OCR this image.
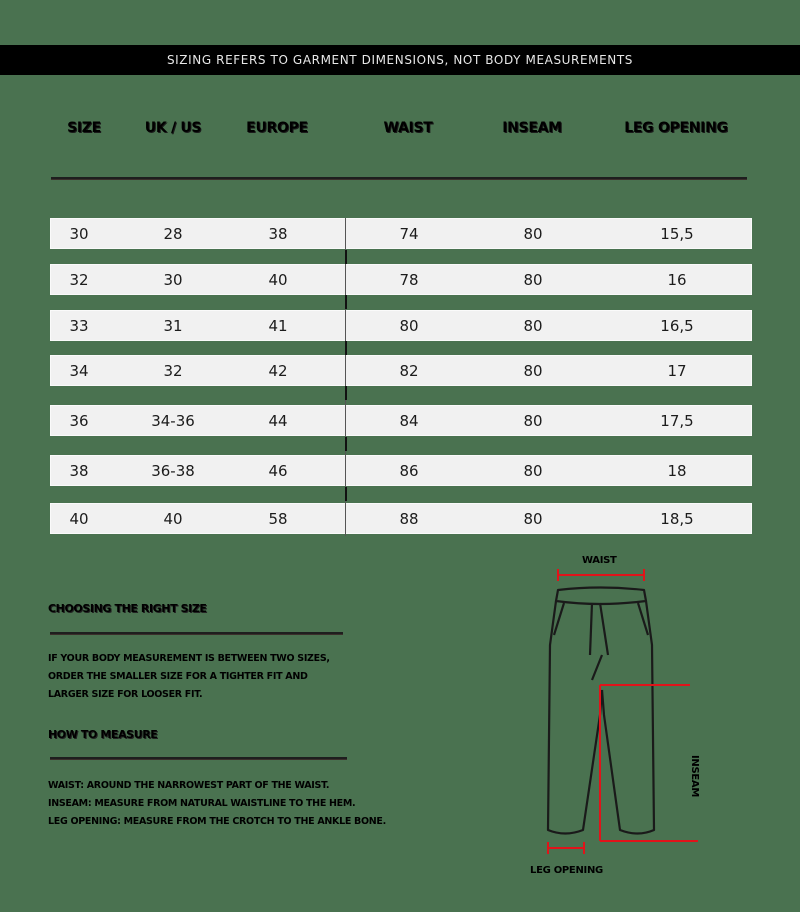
SIZING REFERS TO GARMENT DIMENSIONS, NOT BODY MEASUREMENTS
SIZE	UK / US	EUROPE	WAIST	INSEAM	LEG OPENING
30	28	38	74	80	15,5
32	30	40	78	80	16
33	31	41	80	80	16,5
34	32	42	82	80	17
36	34-36	44	84	80	17,5
38	36-38	46	86	80	18
40	40	58	88	80	18,5
CHOOSING THE RIGHT SIZE
IF YOUR BODY MEASUREMENT IS BETWEEN TWO SIZES,
ORDER THE SMALLER SIZE FOR A TIGHTER FIT AND
LARGER SIZE FOR LOOSER FIT.
HOW TO MEASURE
WAIST: AROUND THE NARROWEST PART OF THE WAIST.
INSEAM: MEASURE FROM NATURAL WAISTLINE TO THE HEM.
LEG OPENING: MEASURE FROM THE CROTCH TO THE ANKLE BONE.
WAIST
INSEAM
LEG OPENING
